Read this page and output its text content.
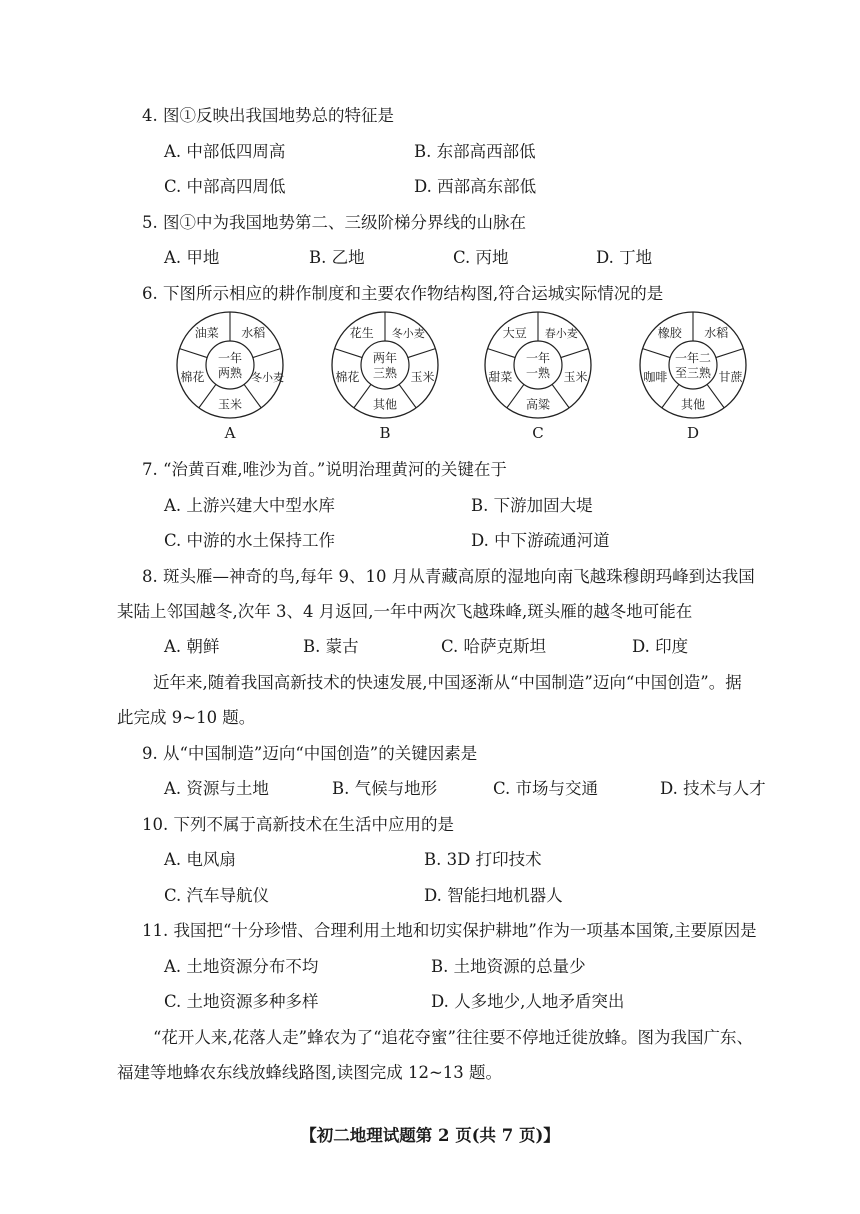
4. 图①反映出我国地势总的特征是
A. 中部低四周高	B. 东部高西部低
C. 中部高四周低	D. 西部高东部低
5. 图①中为我国地势第二、三级阶梯分界线的山脉在
A. 甲地	B. 乙地	C. 丙地	D. 丁地
6. 下图所示相应的耕作制度和主要农作物结构图,符合运城实际情况的是
一年
两熟
水稻
冬小麦
玉米
棉花
油菜
A
两年
三熟
冬小麦
玉米
其他
棉花
花生
B
一年
一熟
春小麦
玉米
高粱
甜菜
大豆
C
一年二
至三熟
水稻
甘蔗
其他
咖啡
橡胶
D
7. “治黄百难,唯沙为首。”说明治理黄河的关键在于
A. 上游兴建大中型水库	B. 下游加固大堤
C. 中游的水土保持工作	D. 中下游疏通河道
8. 斑头雁—神奇的鸟,每年 9、10 月从青藏高原的湿地向南飞越珠穆朗玛峰到达我国
某陆上邻国越冬,次年 3、4 月返回,一年中两次飞越珠峰,斑头雁的越冬地可能在
A. 朝鲜	B. 蒙古	C. 哈萨克斯坦	D. 印度
近年来,随着我国高新技术的快速发展,中国逐渐从“中国制造”迈向“中国创造”。据
此完成 9~10 题。
9. 从“中国制造”迈向“中国创造”的关键因素是
A. 资源与土地	B. 气候与地形	C. 市场与交通	D. 技术与人才
10. 下列不属于高新技术在生活中应用的是
A. 电风扇	B. 3D 打印技术
C. 汽车导航仪	D. 智能扫地机器人
11. 我国把“十分珍惜、合理利用土地和切实保护耕地”作为一项基本国策,主要原因是
A. 土地资源分布不均	B. 土地资源的总量少
C. 土地资源多种多样	D. 人多地少,人地矛盾突出
“花开人来,花落人走”蜂农为了“追花夺蜜”往往要不停地迁徙放蜂。图为我国广东、
福建等地蜂农东线放蜂线路图,读图完成 12~13 题。
【初二地理试题第 2 页(共 7 页)】
